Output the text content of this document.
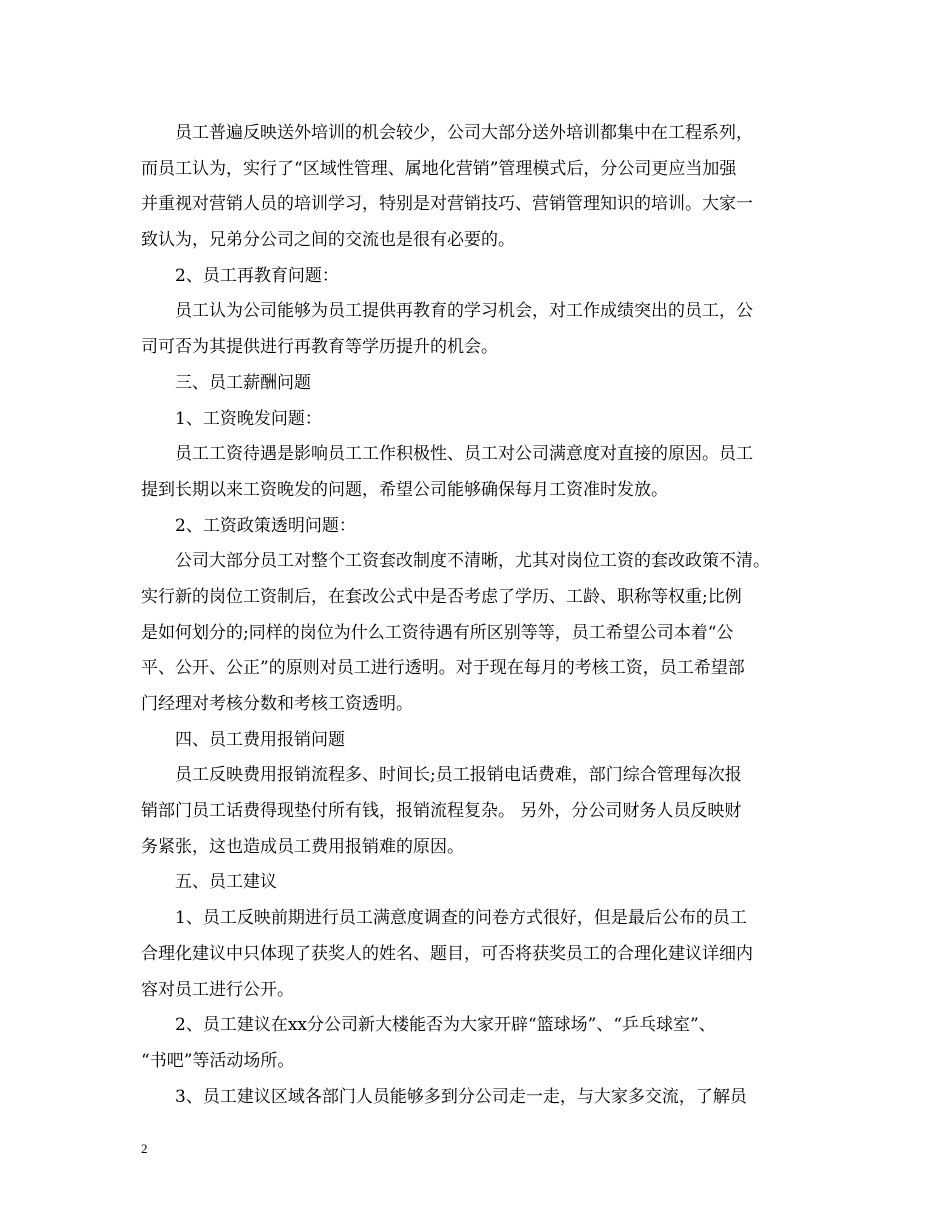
员工普遍反映送外培训的机会较少，公司大部分送外培训都集中在工程系列，
而员工认为，实行了“区域性管理、属地化营销”管理模式后，分公司更应当加强
并重视对营销人员的培训学习，特别是对营销技巧、营销管理知识的培训。大家一
致认为，兄弟分公司之间的交流也是很有必要的。
2、员工再教育问题：
员工认为公司能够为员工提供再教育的学习机会，对工作成绩突出的员工，公
司可否为其提供进行再教育等学历提升的机会。
三、员工薪酬问题
1、工资晚发问题：
员工工资待遇是影响员工工作积极性、员工对公司满意度对直接的原因。员工
提到长期以来工资晚发的问题，希望公司能够确保每月工资准时发放。
2、工资政策透明问题：
公司大部分员工对整个工资套改制度不清晰，尤其对岗位工资的套改政策不清。
实行新的岗位工资制后，在套改公式中是否考虑了学历、工龄、职称等权重;比例
是如何划分的;同样的岗位为什么工资待遇有所区别等等，员工希望公司本着“公
平、公开、公正”的原则对员工进行透明。对于现在每月的考核工资，员工希望部
门经理对考核分数和考核工资透明。
四、员工费用报销问题
员工反映费用报销流程多、时间长;员工报销电话费难，部门综合管理每次报
销部门员工话费得现垫付所有钱，报销流程复杂。 另外，分公司财务人员反映财
务紧张，这也造成员工费用报销难的原因。
五、员工建议
1、员工反映前期进行员工满意度调查的问卷方式很好，但是最后公布的员工
合理化建议中只体现了获奖人的姓名、题目，可否将获奖员工的合理化建议详细内
容对员工进行公开。
2、员工建议在xx分公司新大楼能否为大家开辟“篮球场”、“乒乓球室”、
“书吧”等活动场所。
3、员工建议区域各部门人员能够多到分公司走一走，与大家多交流，了解员
2
